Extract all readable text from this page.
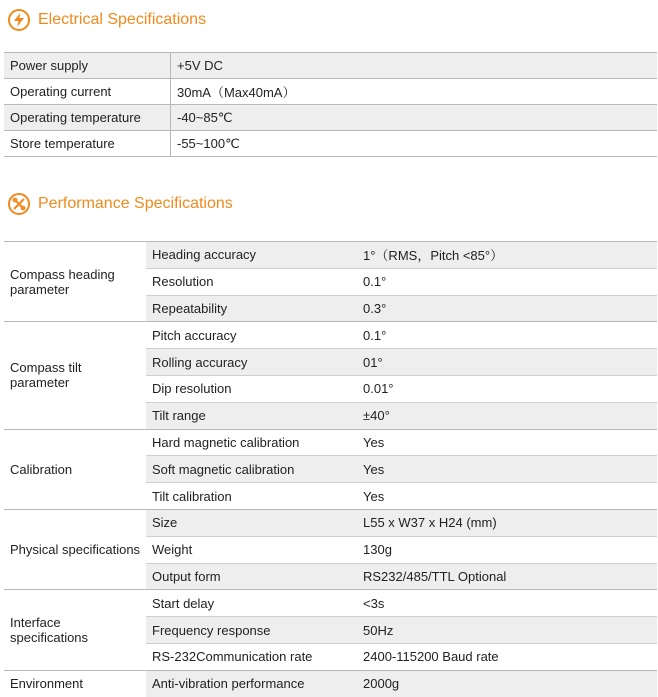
Electrical Specifications
Power supply	+5V DC
Operating current	30mA（Max40mA）
Operating temperature	-40~85℃
Store temperature	-55~100℃
Performance Specifications
Compass heading parameter	Heading accuracy	1°（RMS，Pitch <85°）
	Resolution	0.1°
	Repeatability	0.3°
Compass tilt parameter	Pitch accuracy	0.1°
	Rolling accuracy	01°
	Dip resolution	0.01°
	Tilt range	±40°
Calibration	Hard magnetic calibration	Yes
	Soft magnetic calibration	Yes
	Tilt calibration	Yes
Physical specifications	Size	L55 x W37 x H24 (mm)
	Weight	130g
	Output form	RS232/485/TTL Optional
Interface specifications	Start delay	<3s
	Frequency response	50Hz
	RS-232Communication rate	2400-115200 Baud rate
Environment	Anti-vibration performance	2000g
